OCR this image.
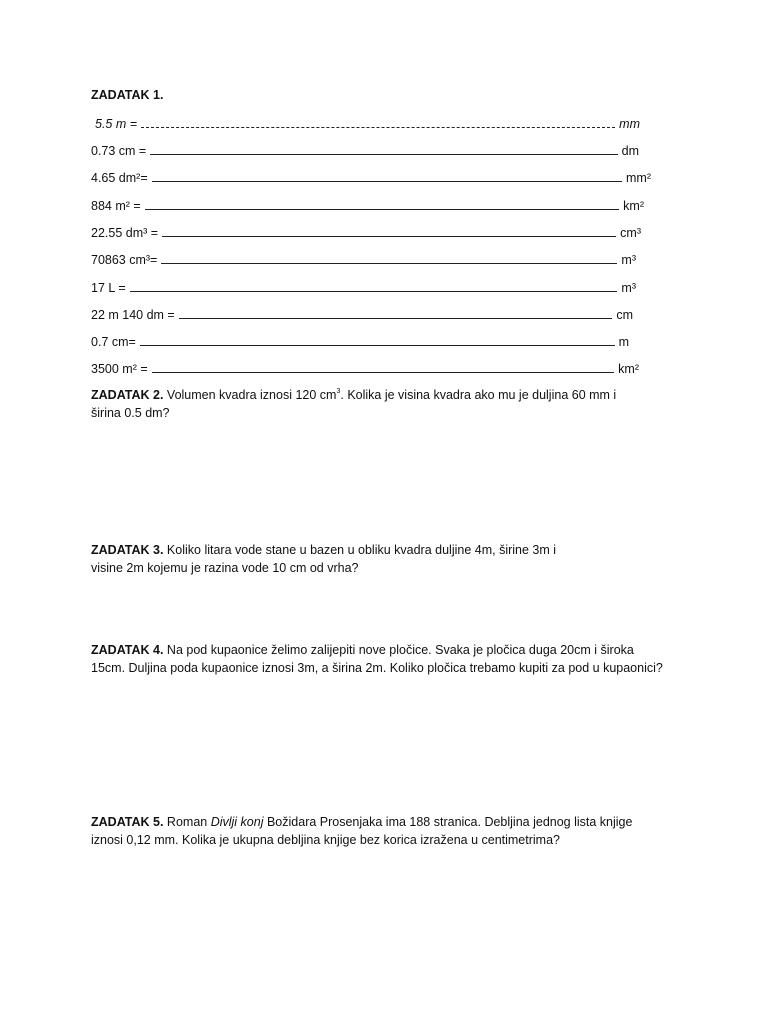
ZADATAK 1.
5.5 m =	mm
0.73 cm =	dm
4.65 dm²=	mm²
884 m² =	km²
22.55 dm³ =	cm³
70863 cm³=	m³
17 L =	m³
22 m 140 dm =	cm
0.7 cm=	m
3500 m² =	km²
ZADATAK 2. Volumen kvadra iznosi 120 $cm^3$. Kolika je visina kvadra ako mu je duljina 60 mm i širina 0.5 dm?
ZADATAK 3. Koliko litara vode stane u bazen u obliku kvadra duljine 4m, širine 3m i visine 2m kojemu je razina vode 10 cm od vrha?
ZADATAK 4. Na pod kupaonice želimo zalijepiti nove pločice. Svaka je pločica duga 20cm i široka 15cm. Duljina poda kupaonice iznosi 3m, a širina 2m. Koliko pločica trebamo kupiti za pod u kupaonici?
ZADATAK 5. Roman Divlji konj Božidara Prosenjaka ima 188 stranica. Debljina jednog lista knjige iznosi 0,12 mm. Kolika je ukupna debljina knjige bez korica izražena u centimetrima?
